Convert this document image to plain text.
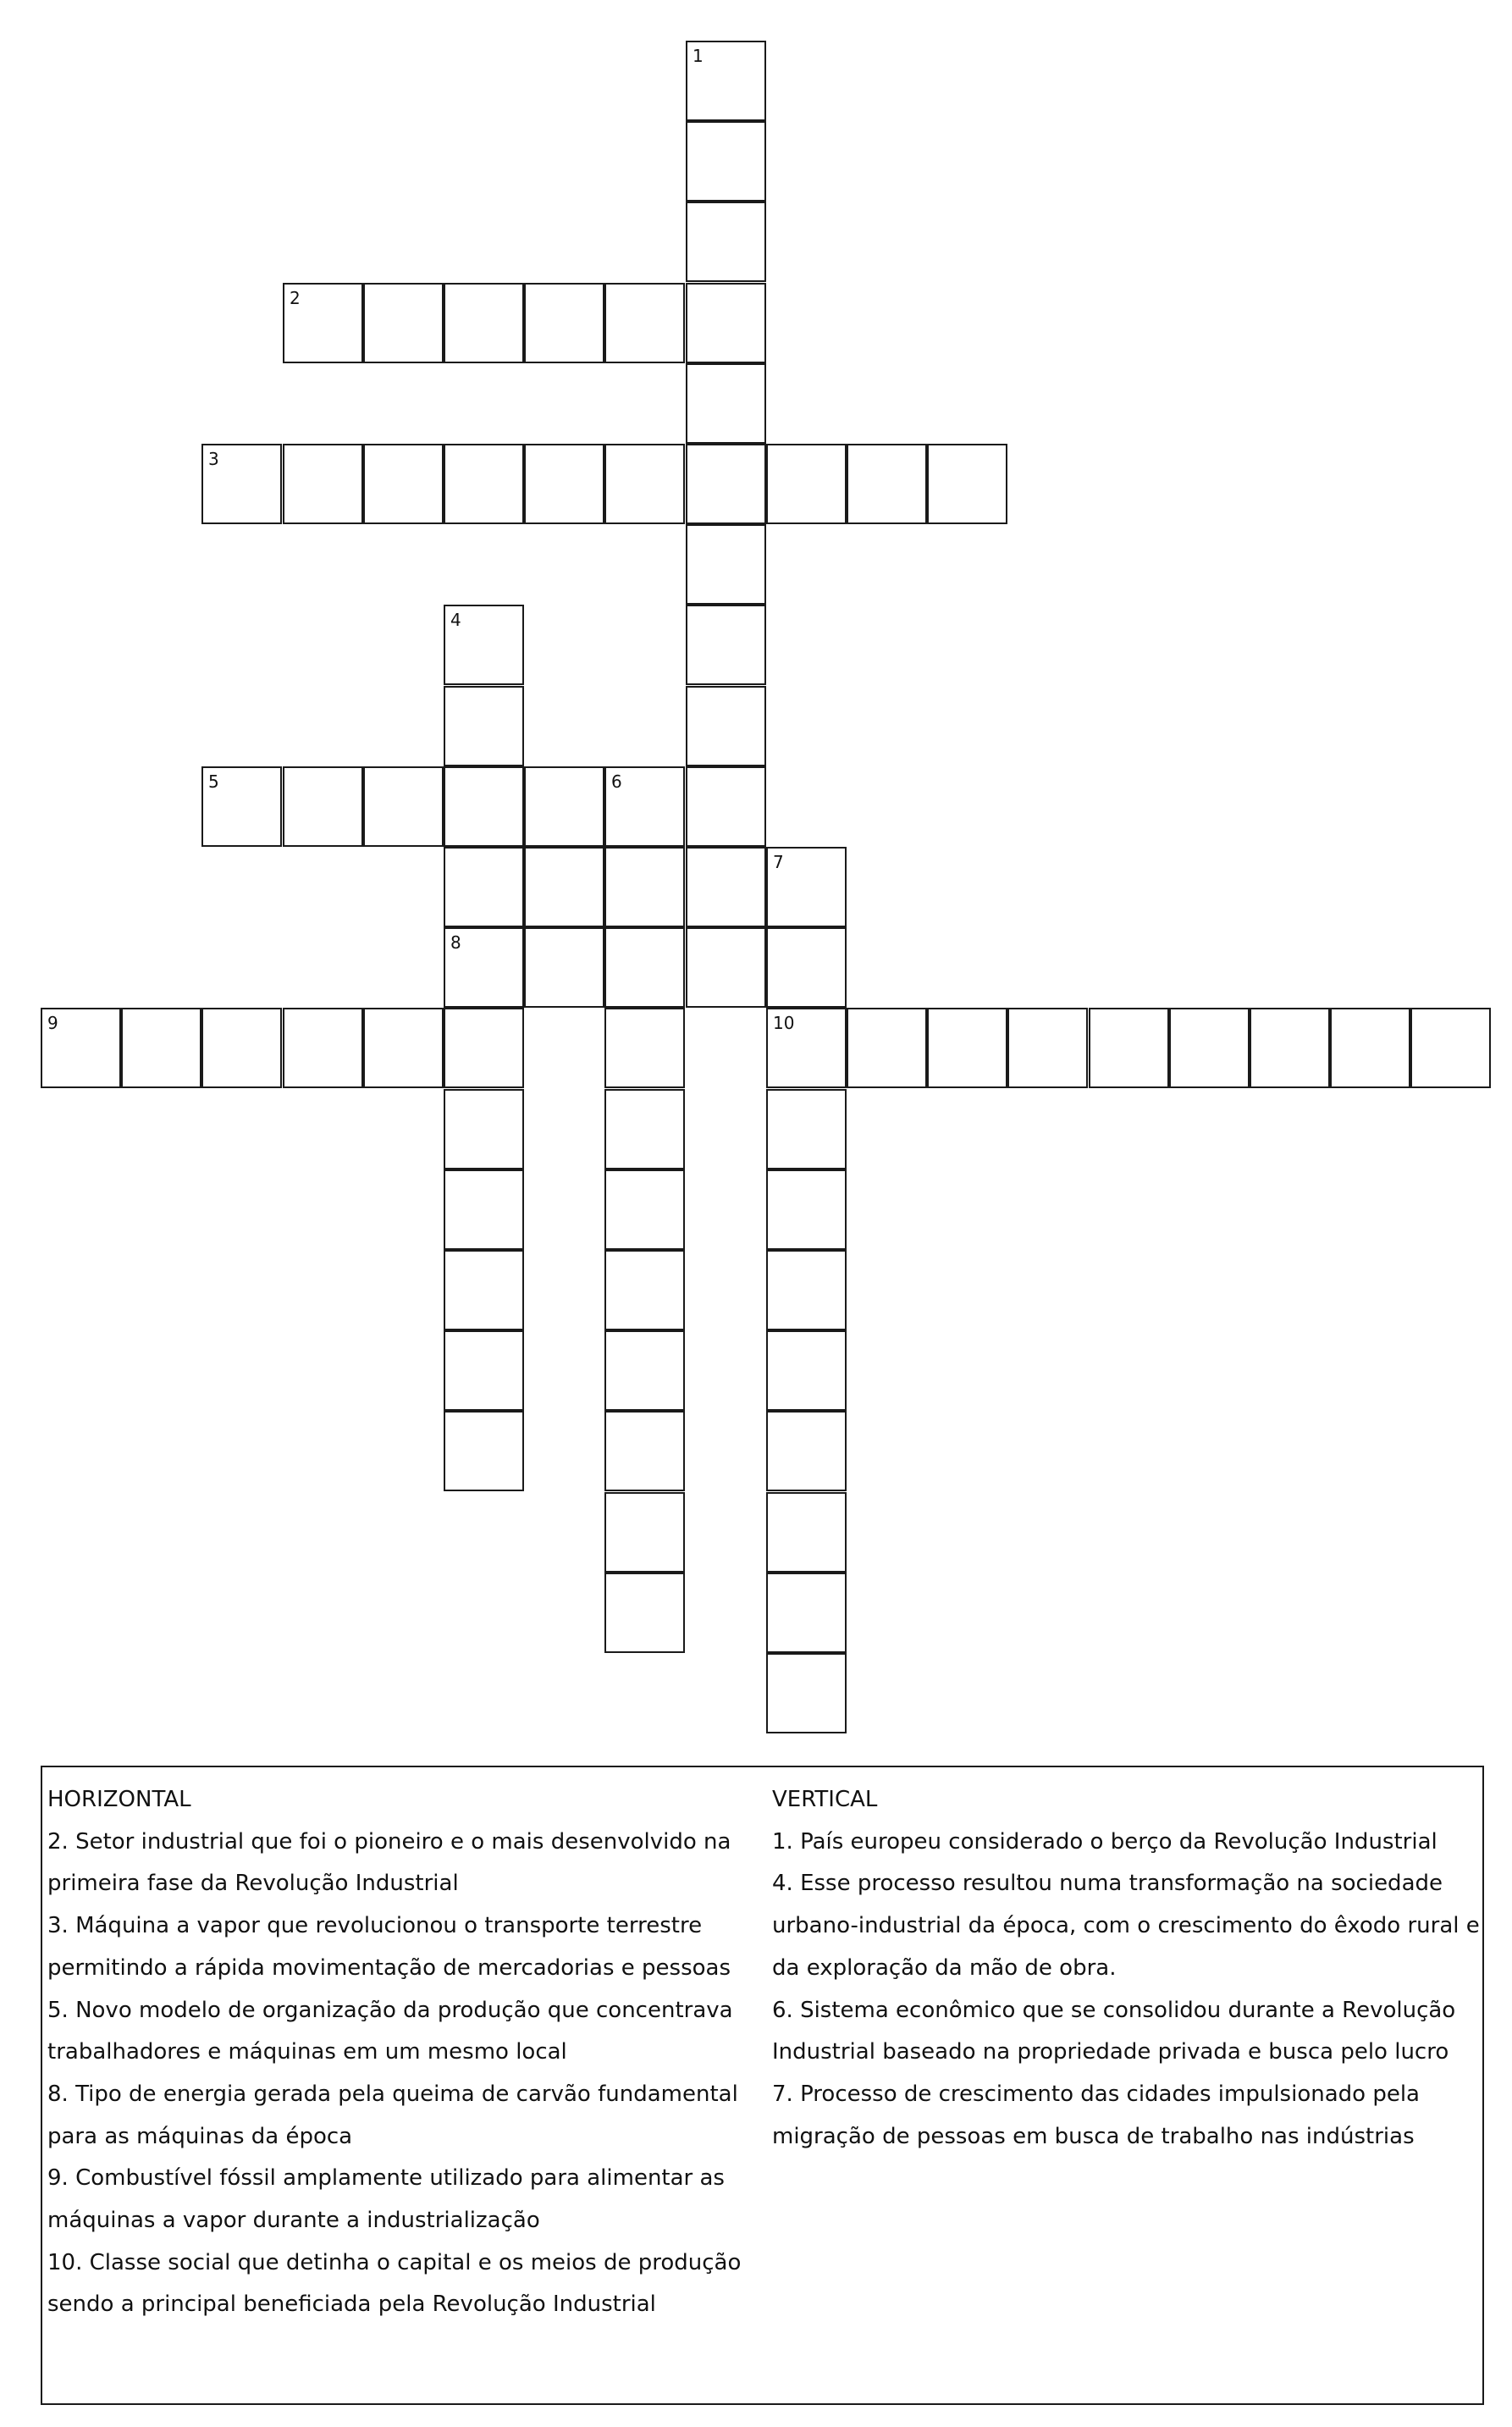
1
2
3
4
8
5	6
7
10
9
HORIZONTAL
2. Setor industrial que foi o pioneiro e o mais desenvolvido na primeira fase da Revolução Industrial
3. Máquina a vapor que revolucionou o transporte terrestre permitindo a rápida movimentação de mercadorias e pessoas
5. Novo modelo de organização da produção que concentrava trabalhadores e máquinas em um mesmo local
8. Tipo de energia gerada pela queima de carvão fundamental para as máquinas da época
9. Combustível fóssil amplamente utilizado para alimentar as máquinas a vapor durante a industrialização
10. Classe social que detinha o capital e os meios de produção sendo a principal beneficiada pela Revolução Industrial
VERTICAL
1. País europeu considerado o berço da Revolução Industrial
4. Esse processo resultou numa transformação na sociedade urbano-industrial da época, com o crescimento do êxodo rural e da exploração da mão de obra.
6. Sistema econômico que se consolidou durante a Revolução Industrial baseado na propriedade privada e busca pelo lucro
7. Processo de crescimento das cidades impulsionado pela migração de pessoas em busca de trabalho nas indústrias
